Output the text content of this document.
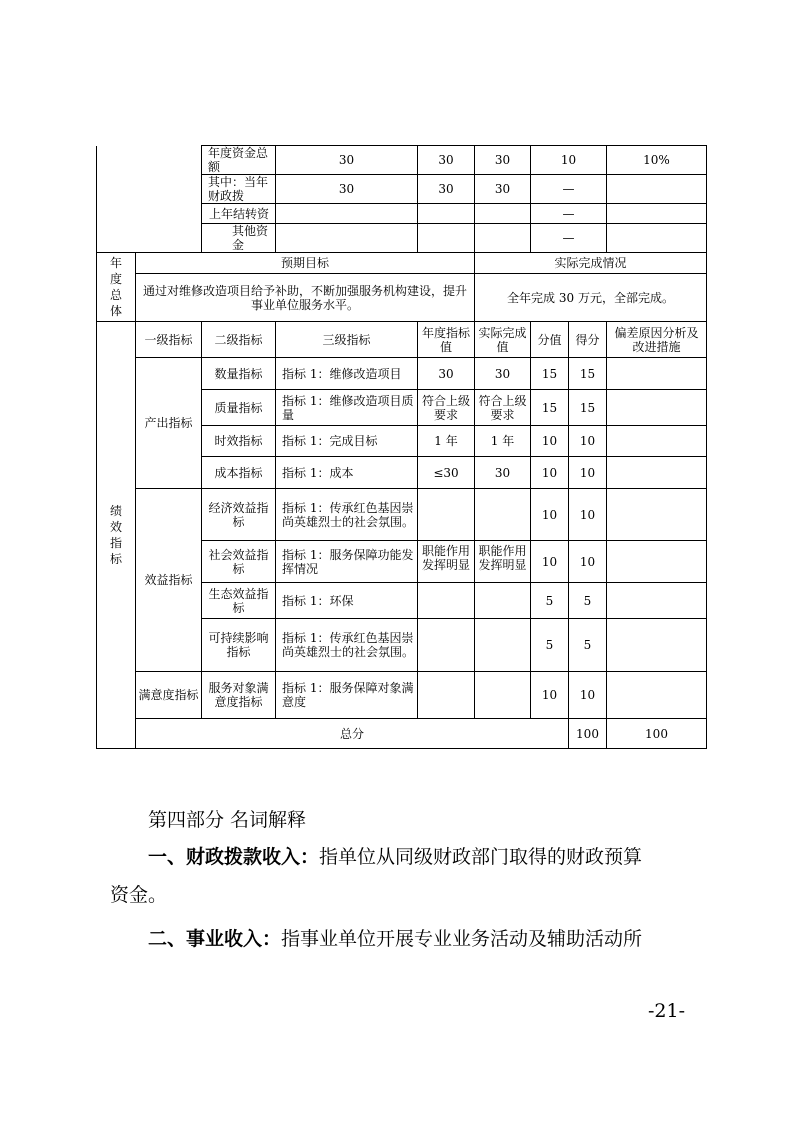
		年度资金总额	30	30	30	10		10%	
		其中：当年财政拨	30	30	30	—		
		上年结转资				—		
		其他资金				—		

年度总体	预期目标				实际完成情况				
	通过对维修改造项目给予补助，不断加强服务机构建设，提升事业单位服务水平。				全年完成 30 万元，全部完成。				

绩效指标	一级指标	二级指标	三级指标	年度指标值	实际完成值	分值	得分	偏差原因分析及改进措施	
	产出指标	数量指标	指标 1：维修改造项目	30	30	15	15		
		质量指标	指标 1：维修改造项目质量	符合上级要求	符合上级要求	15	15		
		时效指标	指标 1：完成目标	1 年	1 年	10	10		
		成本指标	指标 1：成本	≤30	30	10	10		
	效益指标	经济效益指标	指标 1：传承红色基因崇尚英雄烈士的社会氛围。			10	10		
		社会效益指标	指标 1：服务保障功能发挥情况	职能作用发挥明显	职能作用发挥明显	10	10		
		生态效益指标	指标 1：环保			5	5		
		可持续影响指标	指标 1：传承红色基因崇尚英雄烈士的社会氛围。			5	5		
	满意度指标	服务对象满意度指标	指标 1：服务保障对象满意度			10	10		
	总分						100	100	
第四部分 名词解释
一、财政拨款收入：指单位从同级财政部门取得的财政预算
资金。
二、事业收入：指事业单位开展专业业务活动及辅助活动所
-21-
